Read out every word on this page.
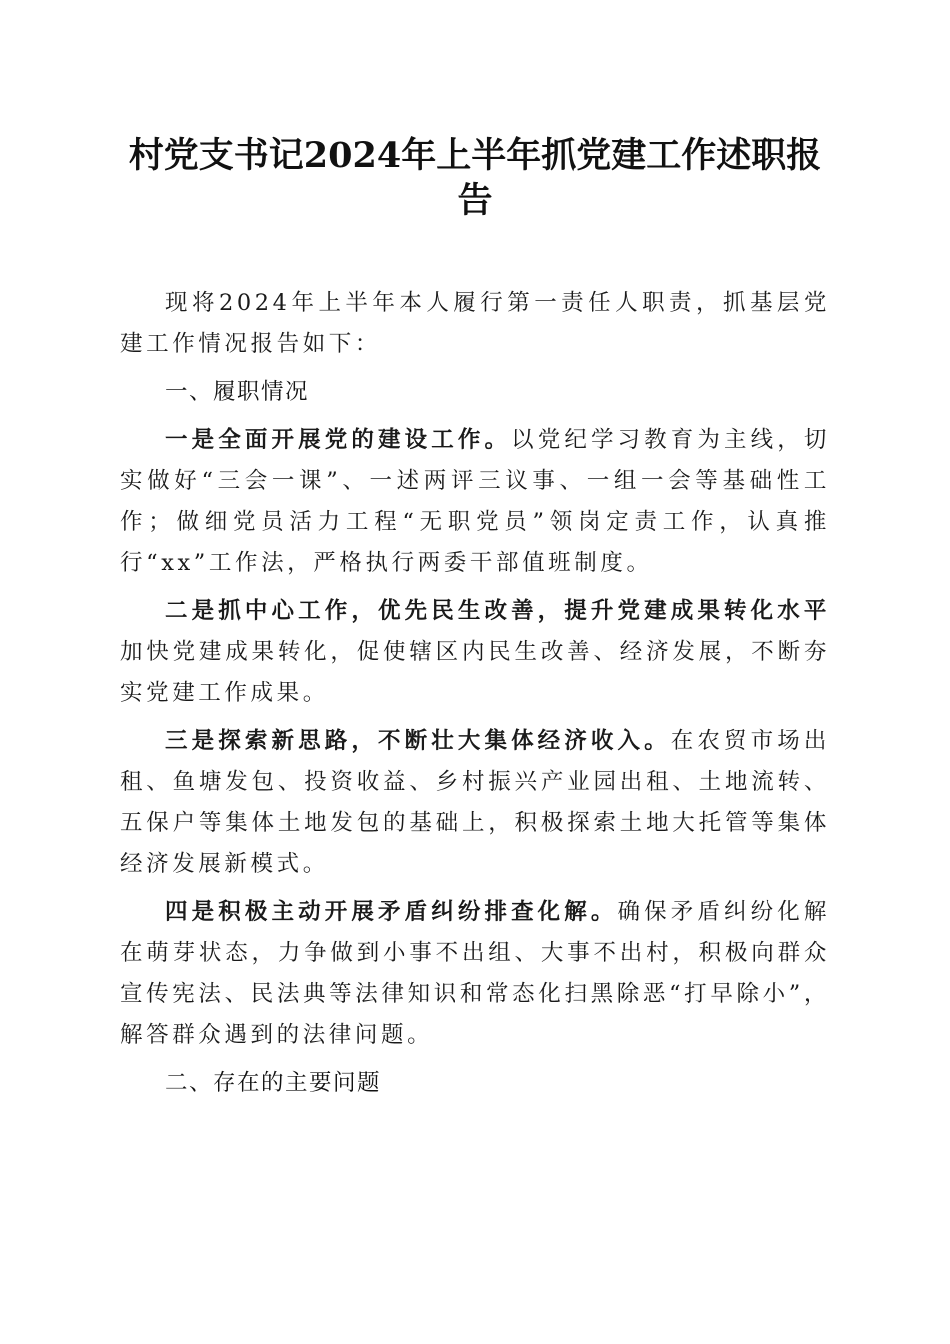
村党支书记2024年上半年抓党建工作述职报告

现将2024年上半年本人履行第一责任人职责，抓基层党建工作情况报告如下：

一、履职情况

一是全面开展党的建设工作。以党纪学习教育为主线，切实做好“三会一课”、一述两评三议事、一组一会等基础性工作；做细党员活力工程“无职党员”领岗定责工作，认真推行“xx”工作法，严格执行两委干部值班制度。

二是抓中心工作，优先民生改善，提升党建成果转化水平加快党建成果转化，促使辖区内民生改善、经济发展，不断夯实党建工作成果。

三是探索新思路，不断壮大集体经济收入。在农贸市场出租、鱼塘发包、投资收益、乡村振兴产业园出租、土地流转、五保户等集体土地发包的基础上，积极探索土地大托管等集体经济发展新模式。

四是积极主动开展矛盾纠纷排查化解。确保矛盾纠纷化解在萌芽状态，力争做到小事不出组、大事不出村，积极向群众宣传宪法、民法典等法律知识和常态化扫黑除恶“打早除小”，解答群众遇到的法律问题。

二、存在的主要问题
